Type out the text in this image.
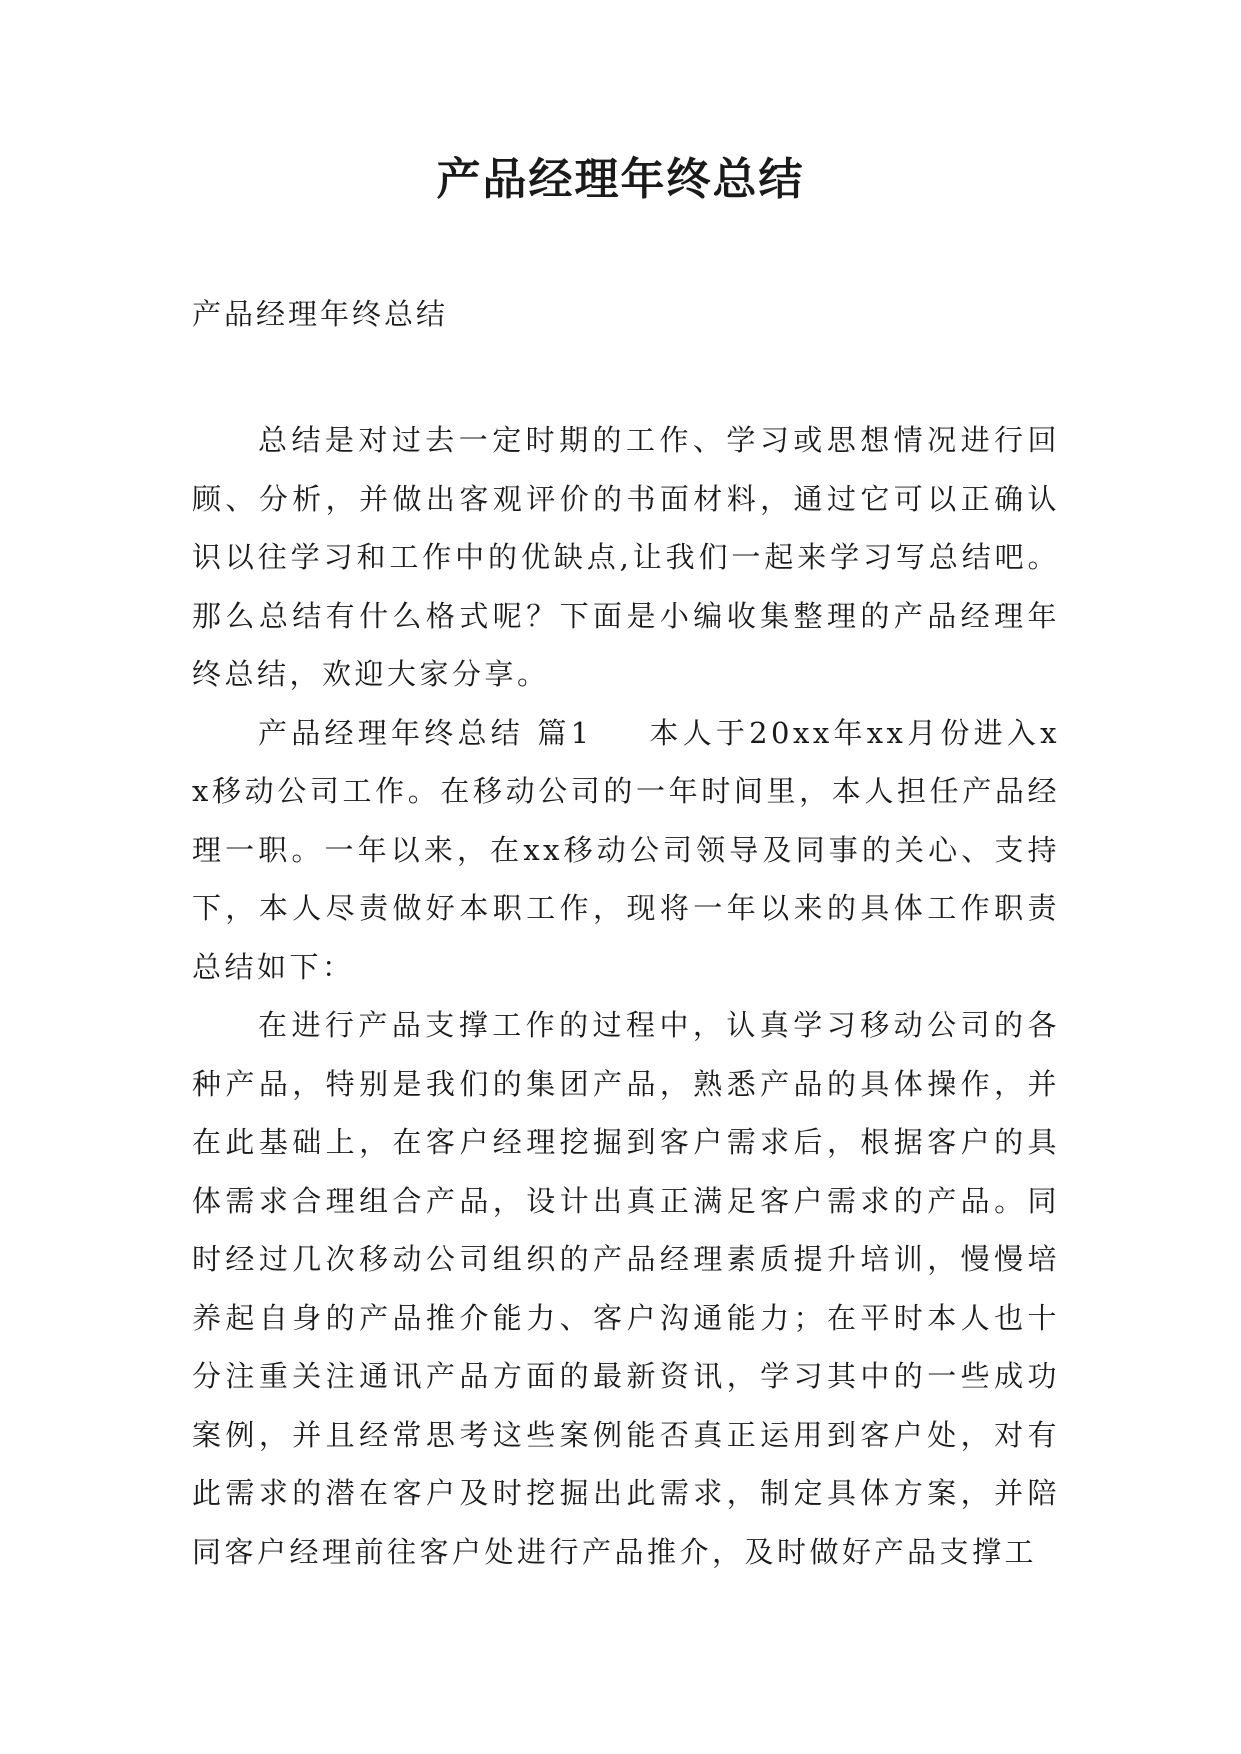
产品经理年终总结

产品经理年终总结

总结是对过去一定时期的工作、学习或思想情况进行回顾、分析，并做出客观评价的书面材料，通过它可以正确认识以往学习和工作中的优缺点,让我们一起来学习写总结吧。那么总结有什么格式呢？下面是小编收集整理的产品经理年终总结，欢迎大家分享。

产品经理年终总结 篇1 本人于20xx年xx月份进入xx移动公司工作。在移动公司的一年时间里，本人担任产品经理一职。一年以来，在xx移动公司领导及同事的关心、支持下，本人尽责做好本职工作，现将一年以来的具体工作职责总结如下：

在进行产品支撑工作的过程中，认真学习移动公司的各种产品，特别是我们的集团产品，熟悉产品的具体操作，并在此基础上，在客户经理挖掘到客户需求后，根据客户的具体需求合理组合产品，设计出真正满足客户需求的产品。同时经过几次移动公司组织的产品经理素质提升培训，慢慢培养起自身的产品推介能力、客户沟通能力；在平时本人也十分注重关注通讯产品方面的最新资讯，学习其中的一些成功案例，并且经常思考这些案例能否真正运用到客户处，对有此需求的潜在客户及时挖掘出此需求，制定具体方案，并陪同客户经理前往客户处进行产品推介，及时做好产品支撑工
